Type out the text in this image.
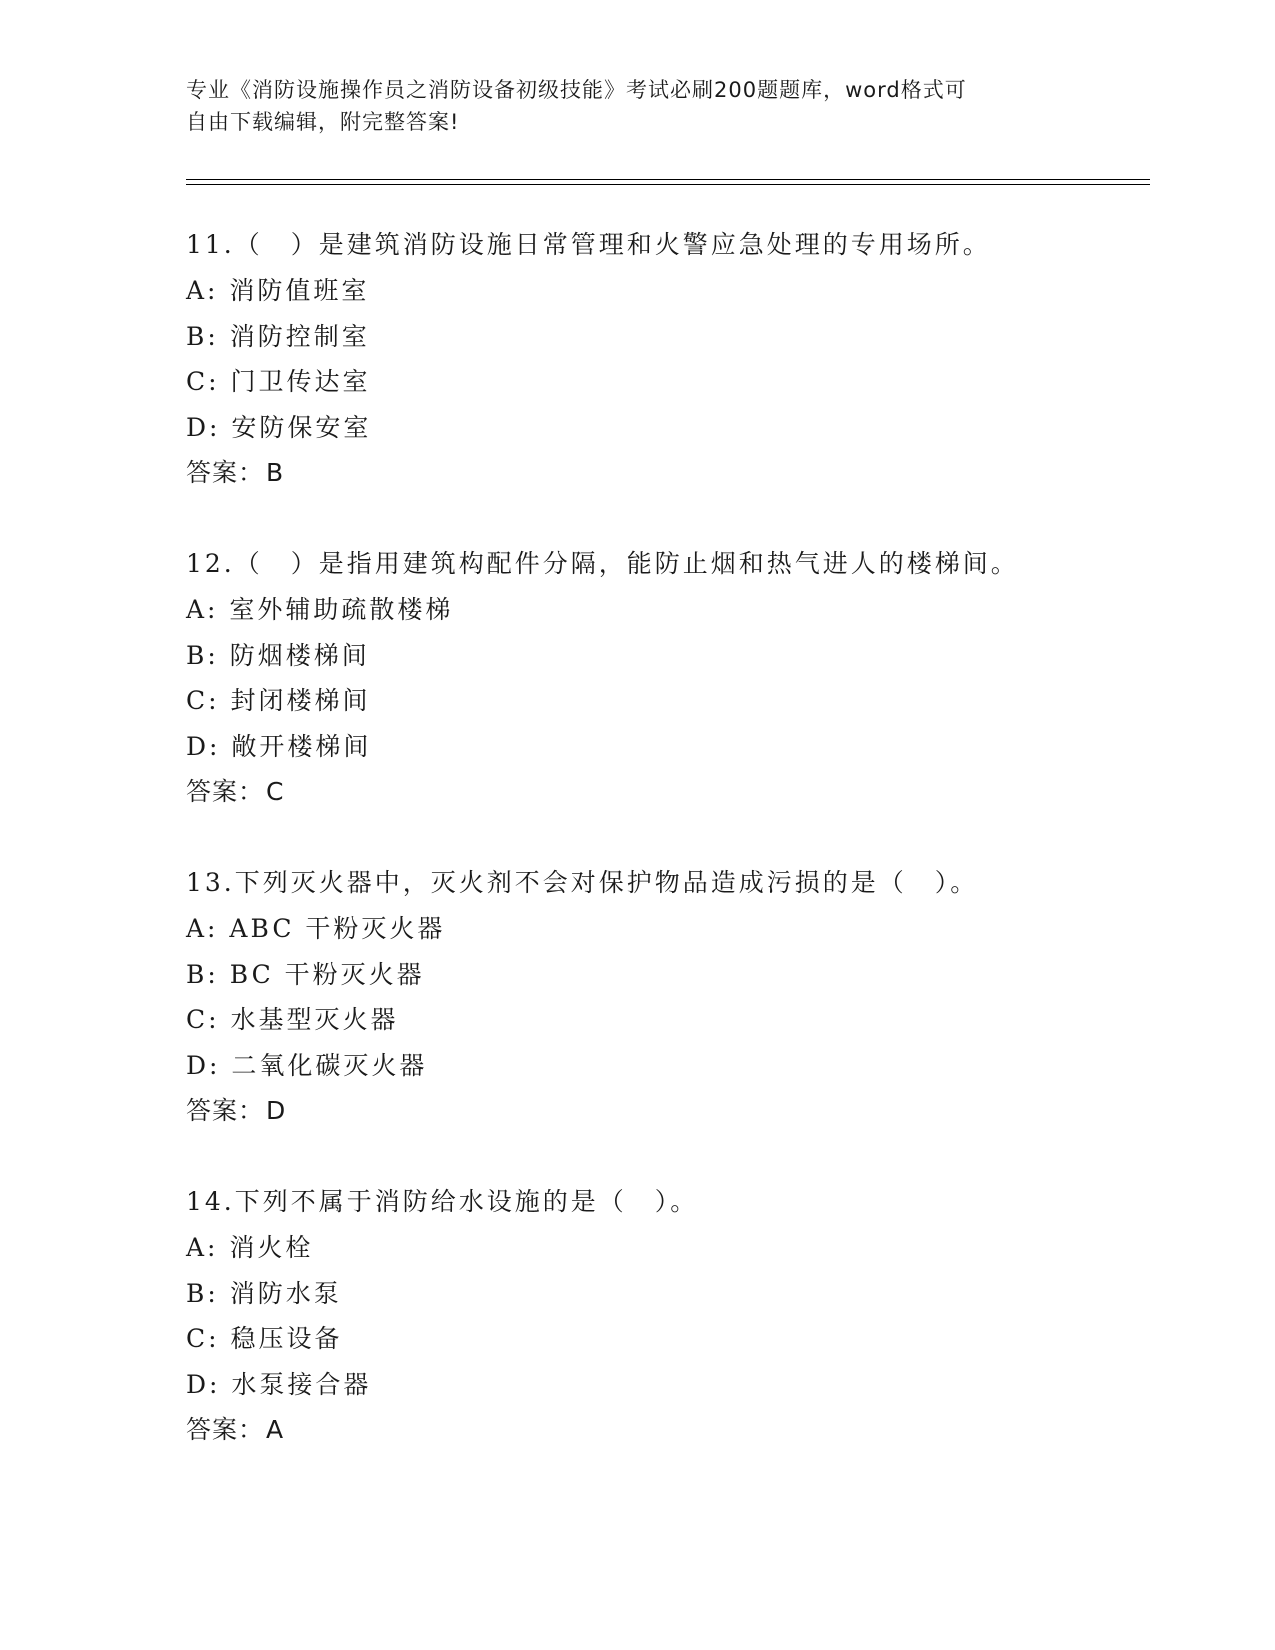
专业《消防设施操作员之消防设备初级技能》考试必刷200题题库，word格式可
自由下载编辑，附完整答案!
11.（　）是建筑消防设施日常管理和火警应急处理的专用场所。
A: 消防值班室
B: 消防控制室
C: 门卫传达室
D: 安防保安室
答案：B
12.（　）是指用建筑构配件分隔，能防止烟和热气进人的楼梯间。
A: 室外辅助疏散楼梯
B: 防烟楼梯间
C: 封闭楼梯间
D: 敞开楼梯间
答案：C
13.下列灭火器中，灭火剂不会对保护物品造成污损的是（　）。
A: ABC 干粉灭火器
B: BC 干粉灭火器
C: 水基型灭火器
D: 二氧化碳灭火器
答案：D
14.下列不属于消防给水设施的是（　）。
A: 消火栓
B: 消防水泵
C: 稳压设备
D: 水泵接合器
答案：A
